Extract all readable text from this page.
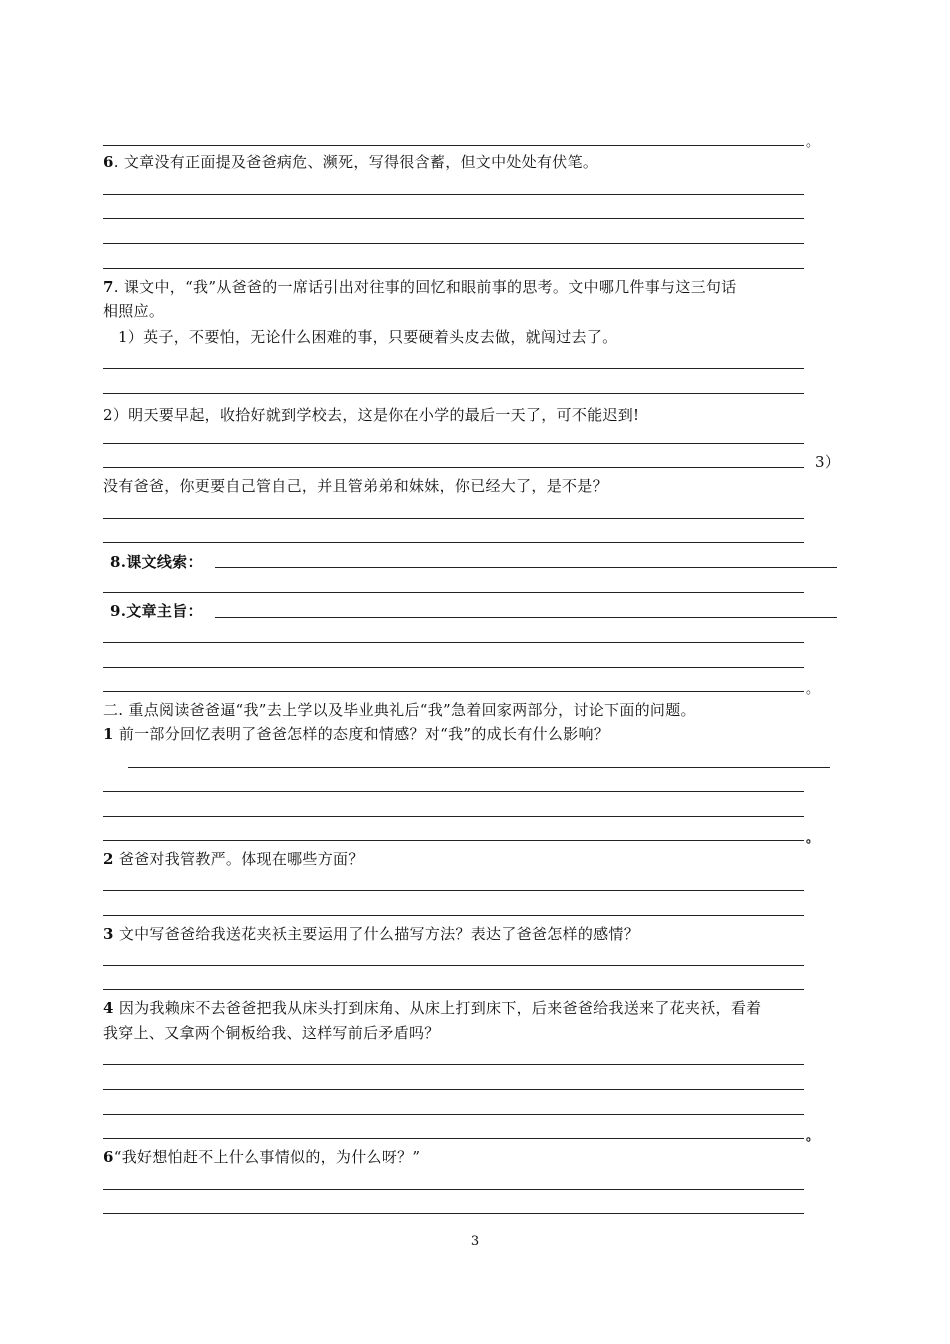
。
6. 文章没有正面提及爸爸病危、濒死，写得很含蓄，但文中处处有伏笔。
7. 课文中，“我”从爸爸的一席话引出对往事的回忆和眼前事的思考。文中哪几件事与这三句话
相照应。
1）英子，不要怕，无论什么困难的事，只要硬着头皮去做，就闯过去了。
2）明天要早起，收拾好就到学校去，这是你在小学的最后一天了，可不能迟到!
3）
没有爸爸，你更要自己管自己，并且管弟弟和妹妹，你已经大了，是不是？
8.课文线索：
9.文章主旨：
。
二. 重点阅读爸爸逼“我”去上学以及毕业典礼后“我”急着回家两部分，讨论下面的问题。
1 前一部分回忆表明了爸爸怎样的态度和情感？对“我”的成长有什么影响？
。
2 爸爸对我管教严。体现在哪些方面？
3 文中写爸爸给我送花夹袄主要运用了什么描写方法？表达了爸爸怎样的感情？
4 因为我赖床不去爸爸把我从床头打到床角、从床上打到床下，后来爸爸给我送来了花夹袄，看着
我穿上、又拿两个铜板给我、这样写前后矛盾吗？
。
6“我好想怕赶不上什么事情似的，为什么呀？”
3
